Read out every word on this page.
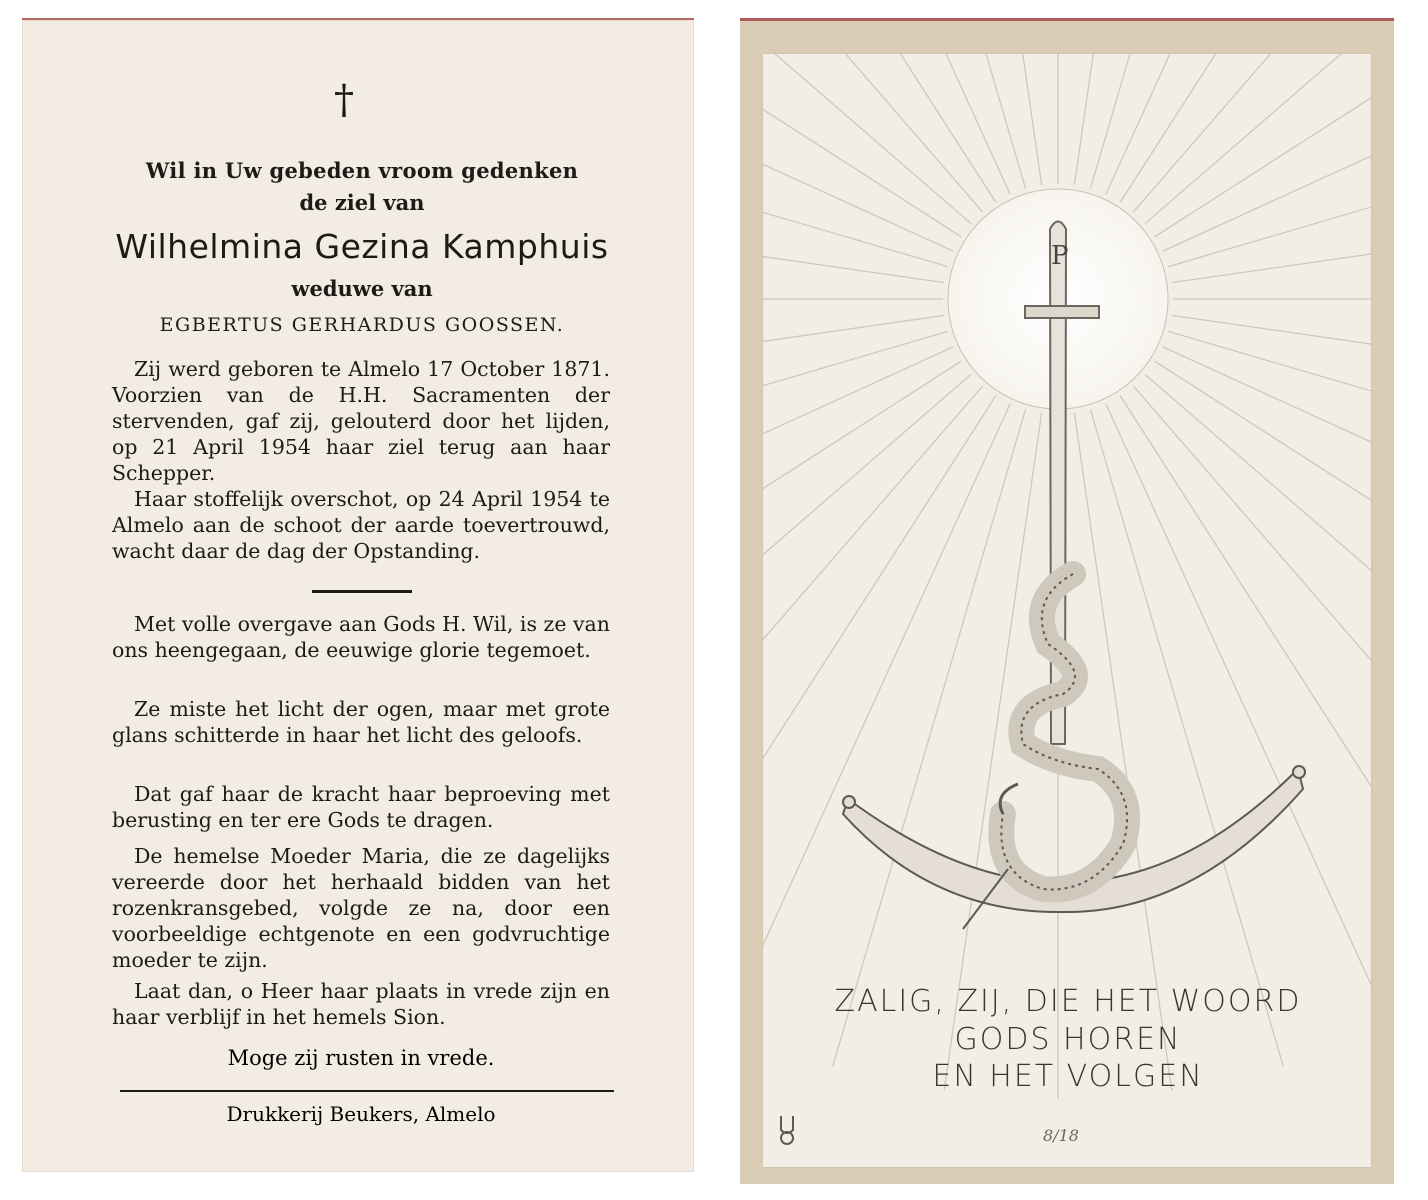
†
Wil in Uw gebeden vroom gedenken
de ziel van
Wilhelmina Gezina Kamphuis
weduwe van
EGBERTUS GERHARDUS GOOSSEN.

Zij werd geboren te Almelo 17 October 1871. Voorzien van de H.H. Sacramenten der stervenden, gaf zij, gelouterd door het lijden, op 21 April 1954 haar ziel terug aan haar Schepper.

Haar stoffelijk overschot, op 24 April 1954 te Almelo aan de schoot der aarde toevertrouwd, wacht daar de dag der Opstanding.

Met volle overgave aan Gods H. Wil, is ze van ons heengegaan, de eeuwige glorie tegemoet.

Ze miste het licht der ogen, maar met grote glans schitterde in haar het licht des geloofs.

Dat gaf haar de kracht haar beproeving met berusting en ter ere Gods te dragen.

De hemelse Moeder Maria, die ze dagelijks vereerde door het herhaald bidden van het rozenkransgebed, volgde ze na, door een voorbeeldige echtgenote en een godvruchtige moeder te zijn.

Laat dan, o Heer haar plaats in vrede zijn en haar verblijf in het hemels Sion.

Moge zij rusten in vrede.
Drukkerij Beukers, Almelo
P
ZALIG, ZIJ, DIE HET WOORD
GODS HOREN
EN HET VOLGEN
8/18
